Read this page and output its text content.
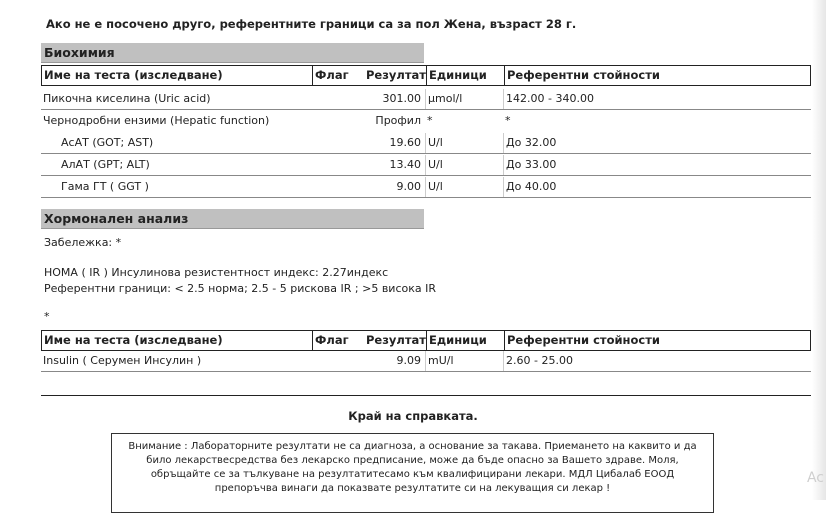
Ако не е посочено друго, референтните граници са за пол Жена, възраст 28 г.
Биохимия
Име на теста (изследване)	Флаг	Резултат Единици	Референтни стойности
Пикочна киселина (Uric acid)	301.00 µmol/l	142.00 - 340.00
Чернодробни ензими (Hepatic function)	Профил *	*
АсАТ (GOT; AST)	19.60 U/l	До 32.00
АлАТ (GPT; ALT)	13.40 U/l	До 33.00
Гама ГТ ( GGT )	9.00 U/l	До 40.00
Хормонален анализ
Забележка: *
HOMA ( IR ) Инсулинова резистентност индекс: 2.27индекс
Референтни граници: < 2.5 норма; 2.5 - 5 рискова IR ; >5 висока IR
*
Име на теста (изследване)	Флаг	Резултат Единици	Референтни стойности
Insulin ( Серумен Инсулин )	9.09 mU/l	2.60 - 25.00
Край на справката.
Внимание : Лабораторните резултати не са диагноза, а основание за такава. Приемането на каквито и да било лекарствесредства без лекарско предписание, може да бъде опасно за Вашето здраве. Моля, обръщайте се за тълкуване на резултатитесамо към квалифицирани лекари. МДЛ Цибалаб ЕООД препоръчва винаги да показвате резултатите си на лекуващия си лекар !
Ac
